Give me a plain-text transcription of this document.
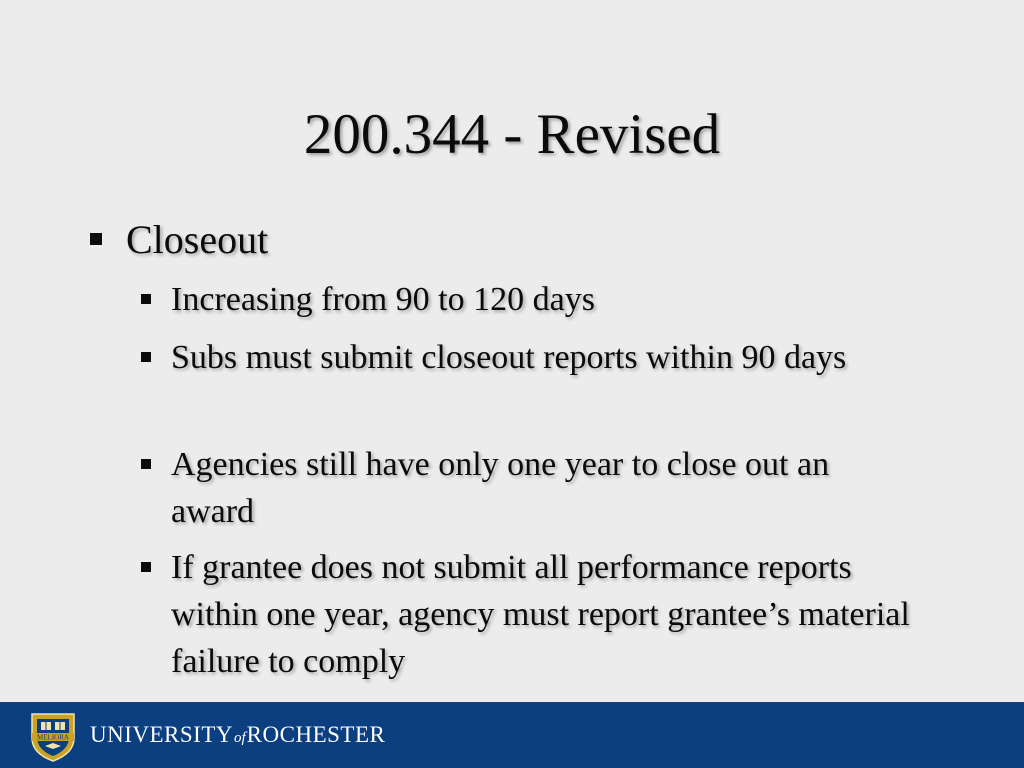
200.344 - Revised
Closeout
Increasing from 90 to 120 days
Subs must submit closeout reports within 90 days
Agencies still have only one year to close out an award
If grantee does not submit all performance reports within one year, agency must report grantee’s material failure to comply
MELIORA UNIVERSITYofROCHESTER
